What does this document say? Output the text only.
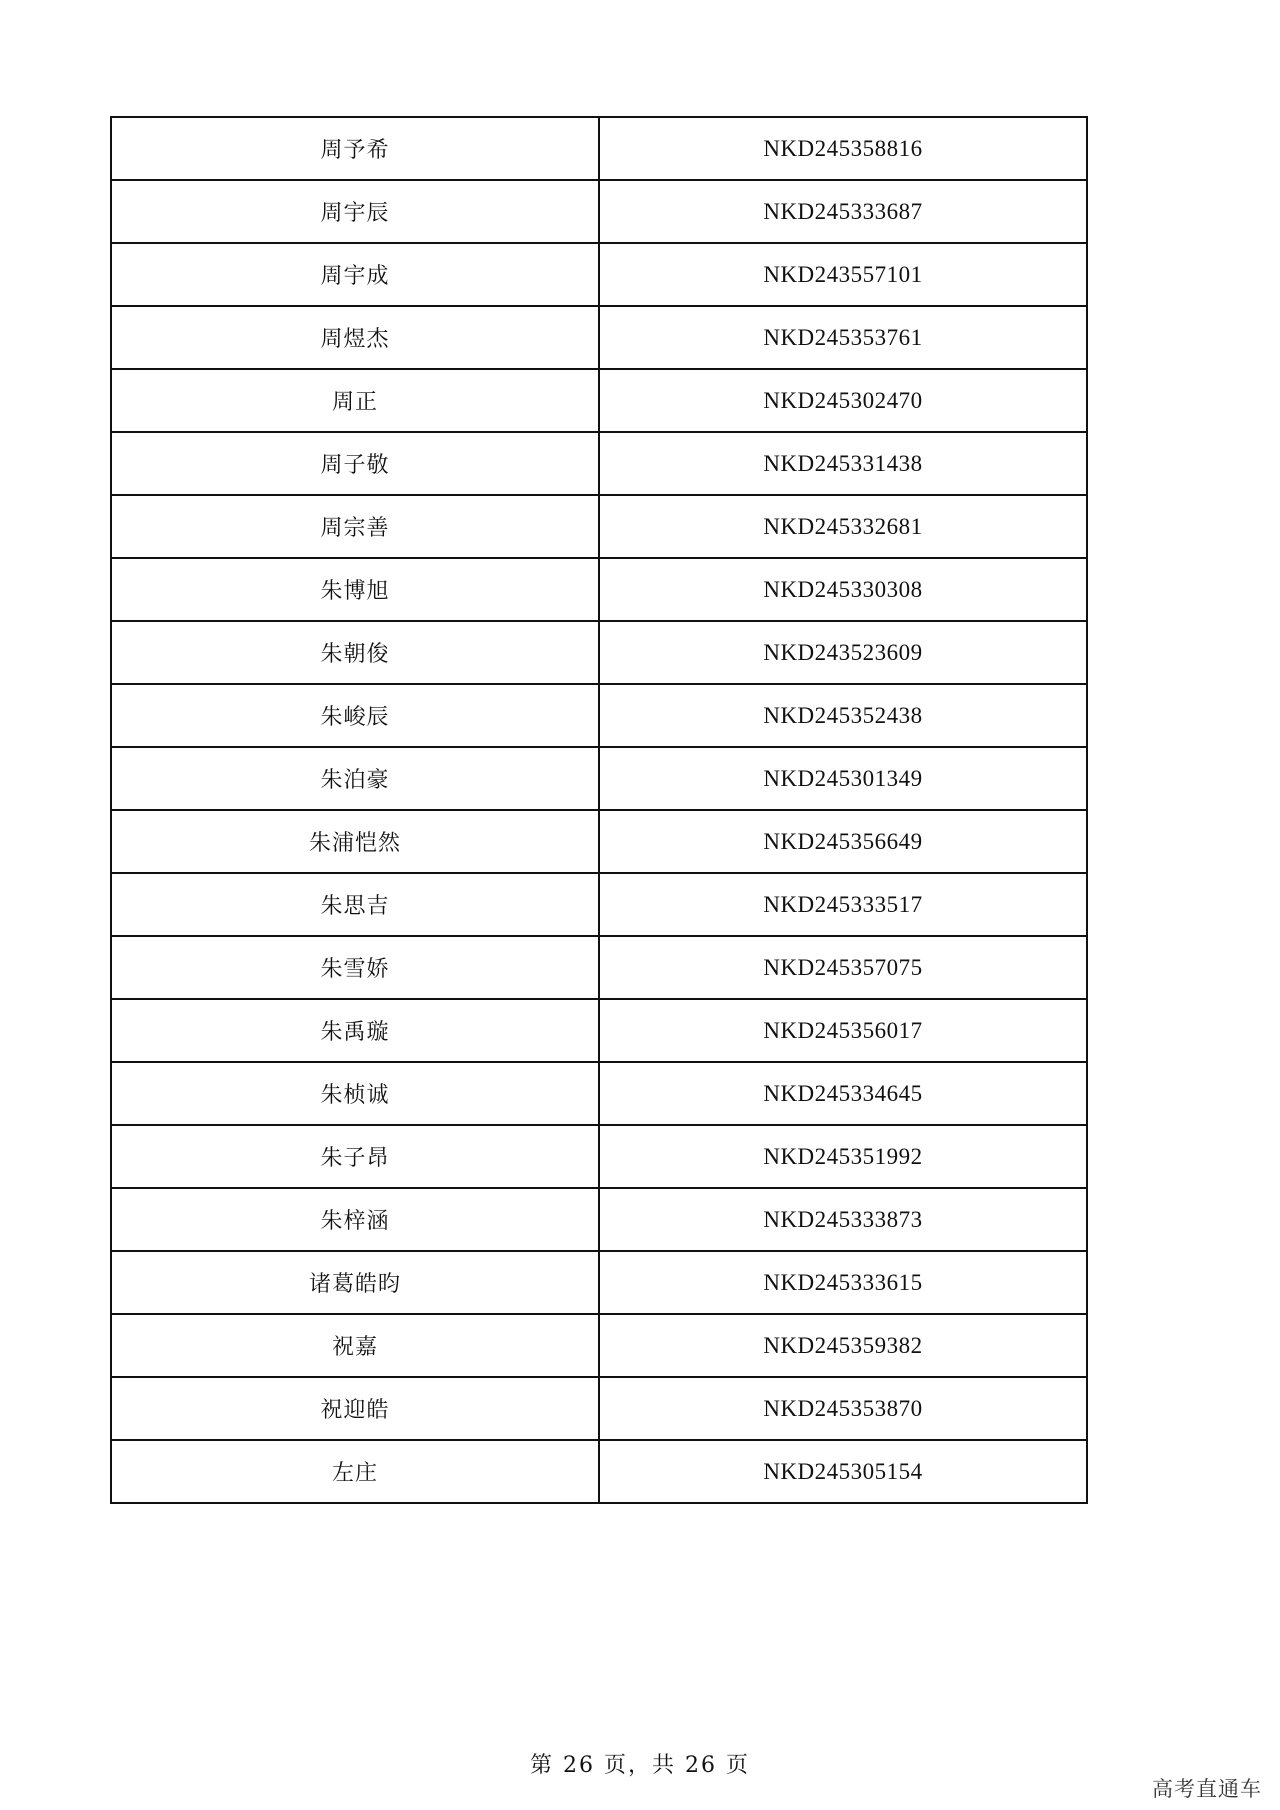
周予希	NKD245358816
周宇辰	NKD245333687
周宇成	NKD243557101
周煜杰	NKD245353761
周正	NKD245302470
周子敬	NKD245331438
周宗善	NKD245332681
朱博旭	NKD245330308
朱朝俊	NKD243523609
朱峻辰	NKD245352438
朱泊豪	NKD245301349
朱浦恺然	NKD245356649
朱思吉	NKD245333517
朱雪娇	NKD245357075
朱禹璇	NKD245356017
朱桢诚	NKD245334645
朱子昂	NKD245351992
朱梓涵	NKD245333873
诸葛皓昀	NKD245333615
祝嘉	NKD245359382
祝迎皓	NKD245353870
左庄	NKD245305154
第 26 页，共 26 页
高考直通车
